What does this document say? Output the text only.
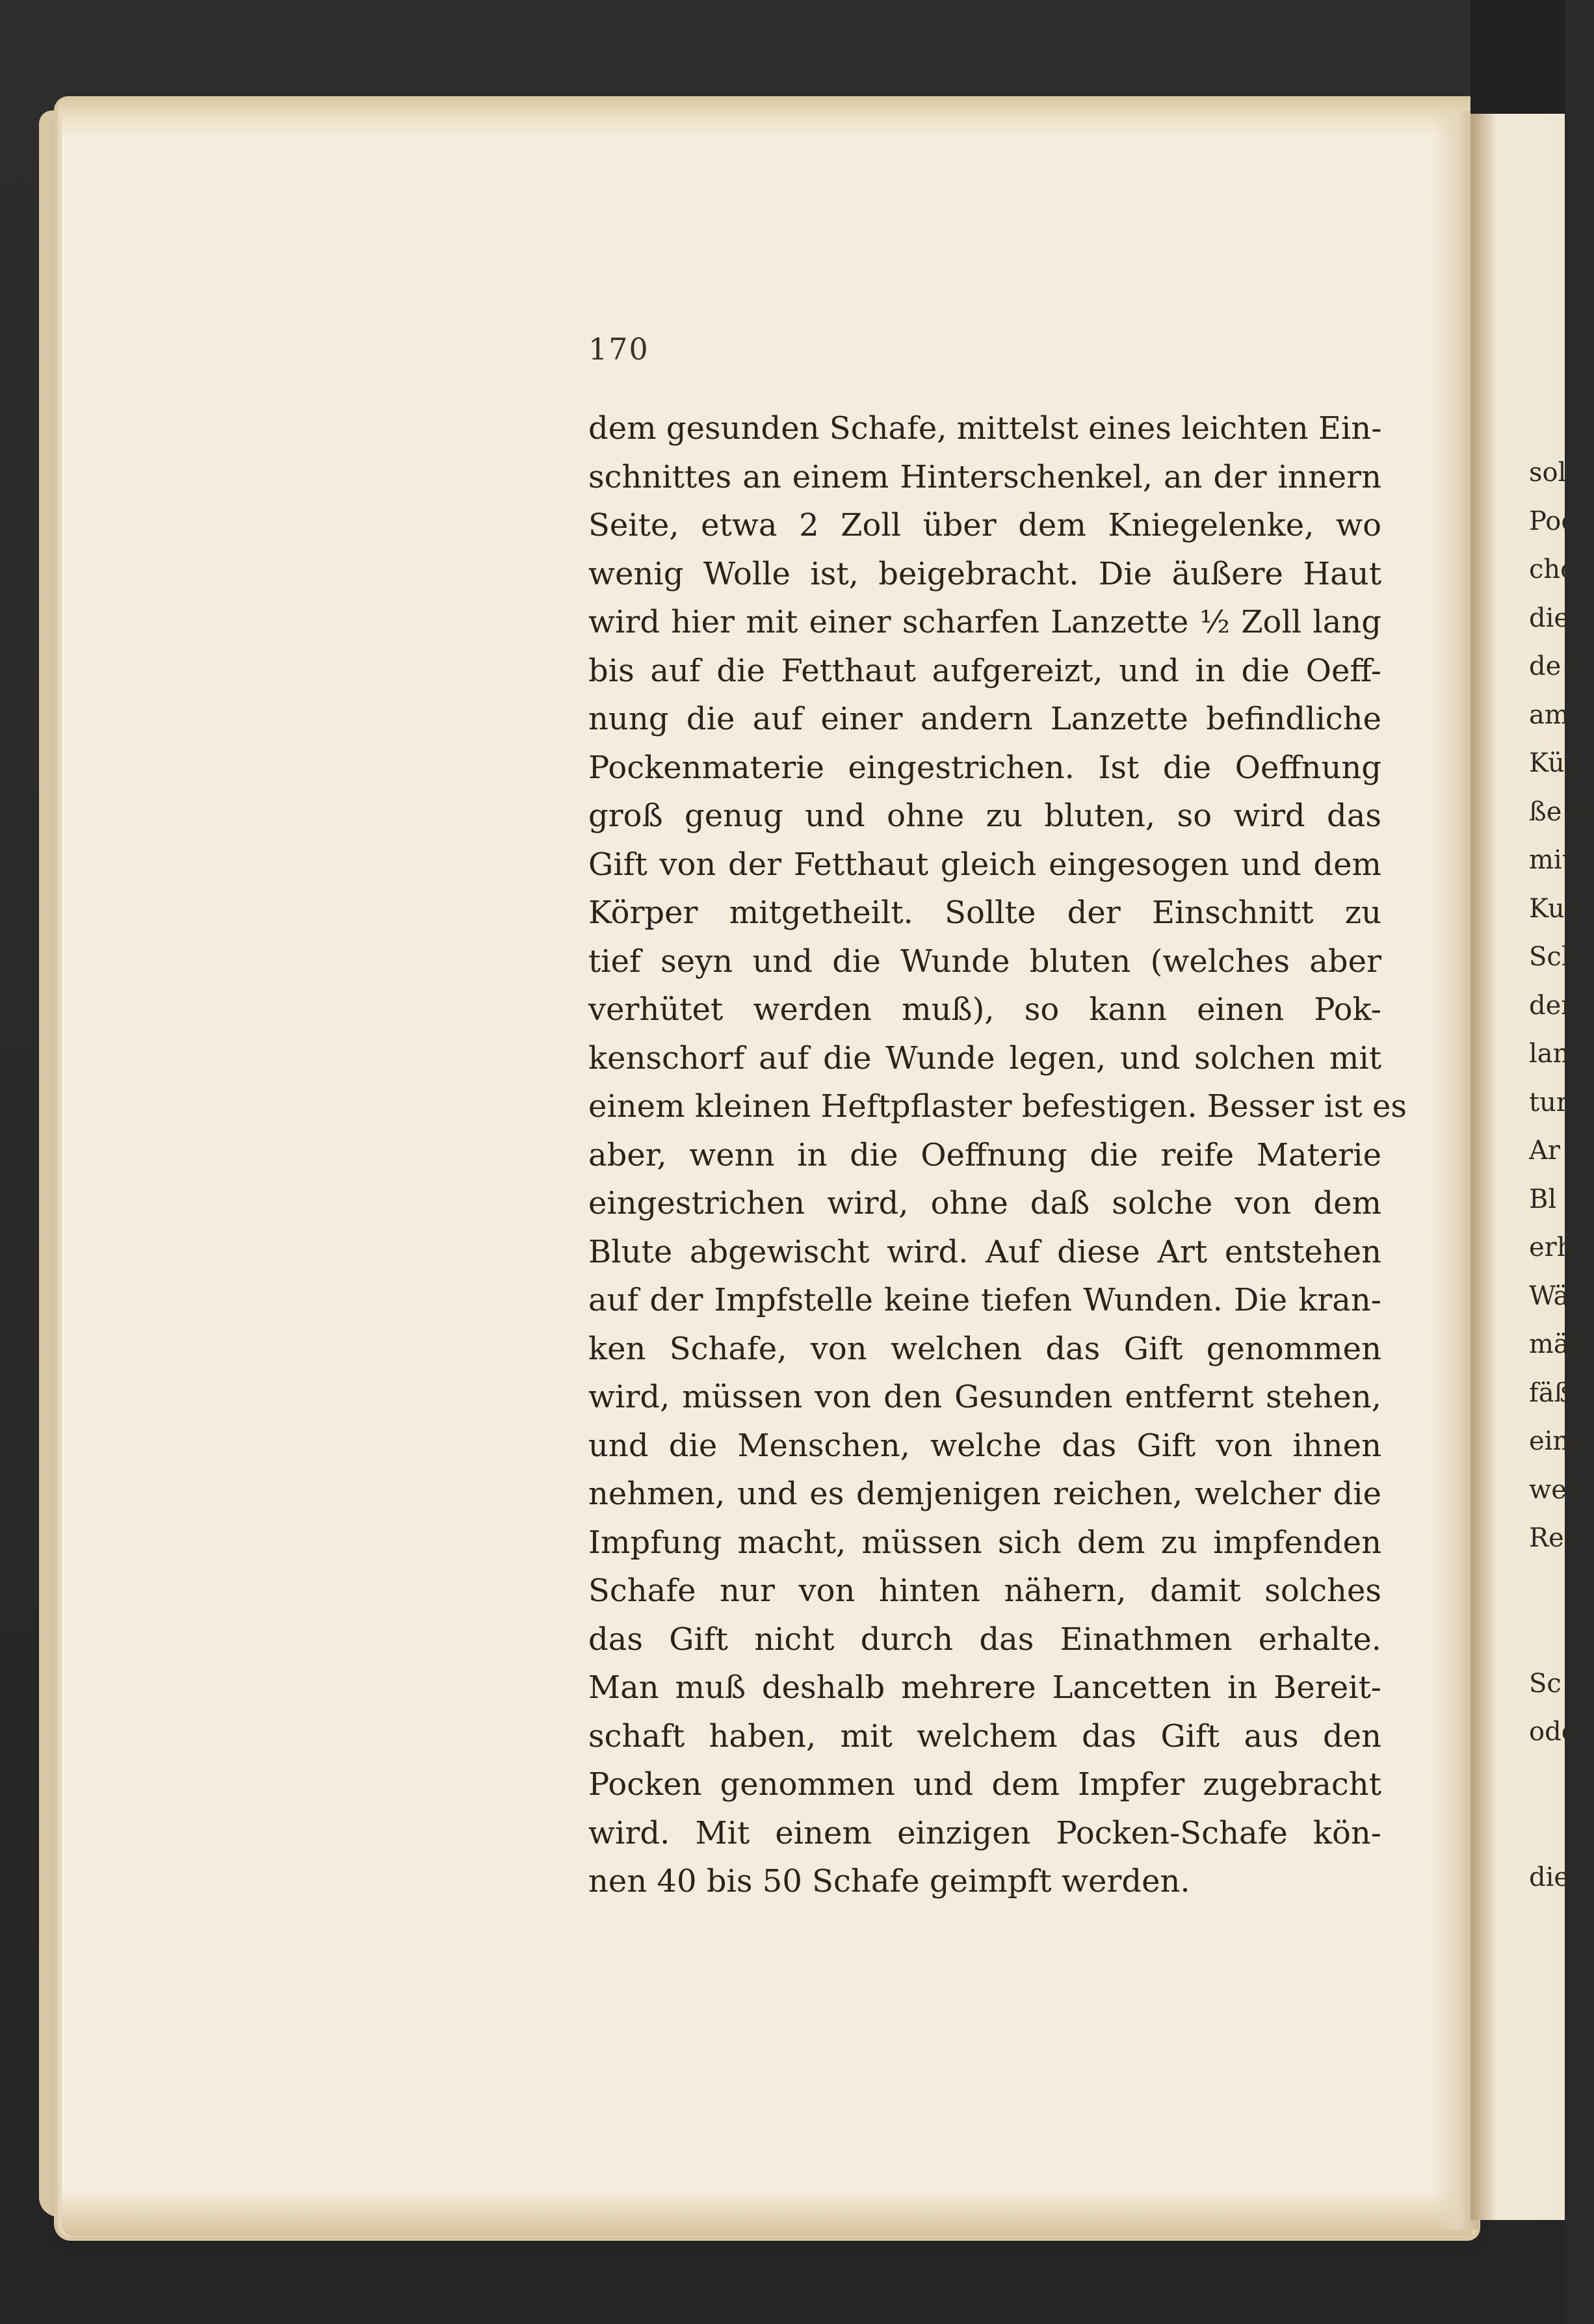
170
dem gesunden Schafe, mittelst eines leichten Ein-
schnittes an einem Hinterschenkel, an der innern
Seite, etwa 2 Zoll über dem Kniegelenke, wo
wenig Wolle ist, beigebracht. Die äußere Haut
wird hier mit einer scharfen Lanzette ½ Zoll lang
bis auf die Fetthaut aufgereizt, und in die Oeff-
nung die auf einer andern Lanzette befindliche
Pockenmaterie eingestrichen. Ist die Oeffnung
groß genug und ohne zu bluten, so wird das
Gift von der Fetthaut gleich eingesogen und dem
Körper mitgetheilt. Sollte der Einschnitt zu
tief seyn und die Wunde bluten (welches aber
verhütet werden muß), so kann einen Pok-
kenschorf auf die Wunde legen, und solchen mit
einem kleinen Heftpflaster befestigen. Besser ist es
aber, wenn in die Oeffnung die reife Materie
eingestrichen wird, ohne daß solche von dem
Blute abgewischt wird. Auf diese Art entstehen
auf der Impfstelle keine tiefen Wunden. Die kran-
ken Schafe, von welchen das Gift genommen
wird, müssen von den Gesunden entfernt stehen,
und die Menschen, welche das Gift von ihnen
nehmen, und es demjenigen reichen, welcher die
Impfung macht, müssen sich dem zu impfenden
Schafe nur von hinten nähern, damit solches
das Gift nicht durch das Einathmen erhalte.
Man muß deshalb mehrere Lancetten in Bereit-
schaft haben, mit welchem das Gift aus den
Pocken genommen und dem Impfer zugebracht
wird. Mit einem einzigen Pocken-Schafe kön-
nen 40 bis 50 Schafe geimpft werden.
solc
Poc
che
die
de t
am
Küg
ße ei
mit
Kug
Sch
der
lan
tur
Ar
Bl
erh
Wä
mäß
fäß,
eine
welc
Rea
Sc
ode
die
